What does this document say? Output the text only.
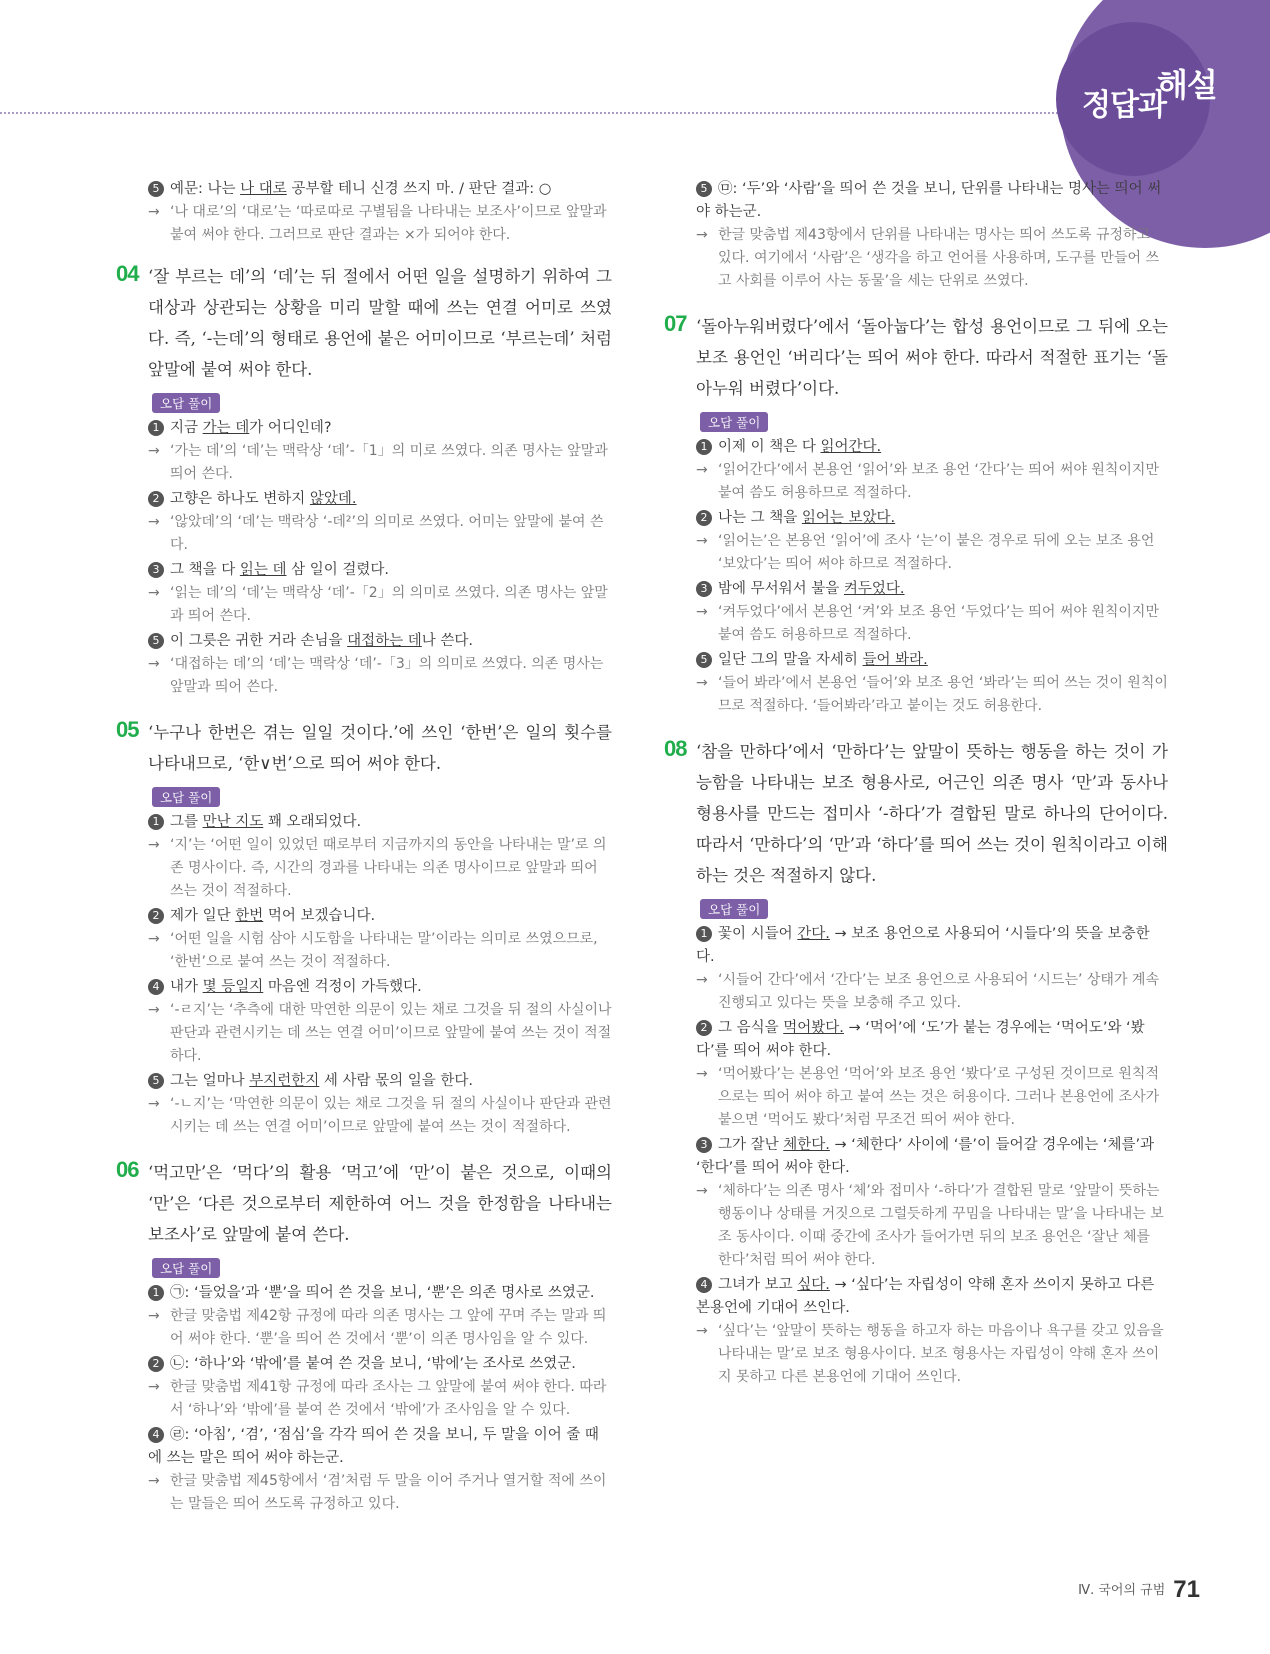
정답과
해설
5 예문: 나는 나 대로 공부할 테니 신경 쓰지 마. / 판단 결과: ○
→ ‘나 대로’의 ‘대로’는 ‘따로따로 구별됨을 나타내는 보조사’이므로 앞말과 붙여 써야 한다. 그러므로 판단 결과는 ×가 되어야 한다.
04 ‘잘 부르는 데’의 ‘데’는 뒤 절에서 어떤 일을 설명하기 위하여 그 대상과 상관되는 상황을 미리 말할 때에 쓰는 연결 어미로 쓰였다. 즉, ‘-는데’의 형태로 용언에 붙은 어미이므로 ‘부르는데’ 처럼 앞말에 붙여 써야 한다.
오답 풀이
1 지금 가는 데가 어디인데?
→ ‘가는 데’의 ‘데’는 맥락상 ‘데’-「1」의 미로 쓰였다. 의존 명사는 앞말과 띄어 쓴다.
2 고향은 하나도 변하지 않았데.
→ ‘않았데’의 ‘데’는 맥락상 ‘-데²’의 의미로 쓰였다. 어미는 앞말에 붙여 쓴다.
3 그 책을 다 읽는 데 삼 일이 걸렸다.
→ ‘읽는 데’의 ‘데’는 맥락상 ‘데’-「2」의 의미로 쓰였다. 의존 명사는 앞말과 띄어 쓴다.
5 이 그릇은 귀한 거라 손님을 대접하는 데나 쓴다.
→ ‘대접하는 데’의 ‘데’는 맥락상 ‘데’-「3」의 의미로 쓰였다. 의존 명사는 앞말과 띄어 쓴다.
05 ‘누구나 한번은 겪는 일일 것이다.’에 쓰인 ‘한번’은 일의 횟수를 나타내므로, ‘한∨번’으로 띄어 써야 한다.
오답 풀이
1 그를 만난 지도 꽤 오래되었다.
→ ‘지’는 ‘어떤 일이 있었던 때로부터 지금까지의 동안을 나타내는 말’로 의존 명사이다. 즉, 시간의 경과를 나타내는 의존 명사이므로 앞말과 띄어 쓰는 것이 적절하다.
2 제가 일단 한번 먹어 보겠습니다.
→ ‘어떤 일을 시험 삼아 시도함을 나타내는 말’이라는 의미로 쓰였으므로, ‘한번’으로 붙여 쓰는 것이 적절하다.
4 내가 몇 등일지 마음엔 걱정이 가득했다.
→ ‘-ㄹ지’는 ‘추측에 대한 막연한 의문이 있는 채로 그것을 뒤 절의 사실이나 판단과 관련시키는 데 쓰는 연결 어미’이므로 앞말에 붙여 쓰는 것이 적절하다.
5 그는 얼마나 부지런한지 세 사람 몫의 일을 한다.
→ ‘-ㄴ지’는 ‘막연한 의문이 있는 채로 그것을 뒤 절의 사실이나 판단과 관련시키는 데 쓰는 연결 어미’이므로 앞말에 붙여 쓰는 것이 적절하다.
06 ‘먹고만’은 ‘먹다’의 활용 ‘먹고’에 ‘만’이 붙은 것으로, 이때의 ‘만’은 ‘다른 것으로부터 제한하여 어느 것을 한정함을 나타내는 보조사’로 앞말에 붙여 쓴다.
오답 풀이
1 ㉠: ‘들었을’과 ‘뿐’을 띄어 쓴 것을 보니, ‘뿐’은 의존 명사로 쓰였군.
→ 한글 맞춤법 제42항 규정에 따라 의존 명사는 그 앞에 꾸며 주는 말과 띄어 써야 한다. ‘뿐’을 띄어 쓴 것에서 ‘뿐’이 의존 명사임을 알 수 있다.
2 ㉡: ‘하나’와 ‘밖에’를 붙여 쓴 것을 보니, ‘밖에’는 조사로 쓰였군.
→ 한글 맞춤법 제41항 규정에 따라 조사는 그 앞말에 붙여 써야 한다. 따라서 ‘하나’와 ‘밖에’를 붙여 쓴 것에서 ‘밖에’가 조사임을 알 수 있다.
4 ㉣: ‘아침’, ‘겸’, ‘점심’을 각각 띄어 쓴 것을 보니, 두 말을 이어 줄 때에 쓰는 말은 띄어 써야 하는군.
→ 한글 맞춤법 제45항에서 ‘겸’처럼 두 말을 이어 주거나 열거할 적에 쓰이는 말들은 띄어 쓰도록 규정하고 있다.
5 ㉤: ‘두’와 ‘사람’을 띄어 쓴 것을 보니, 단위를 나타내는 명사는 띄어 써야 하는군.
→ 한글 맞춤법 제43항에서 단위를 나타내는 명사는 띄어 쓰도록 규정하고 있다. 여기에서 ‘사람’은 ‘생각을 하고 언어를 사용하며, 도구를 만들어 쓰고 사회를 이루어 사는 동물’을 세는 단위로 쓰였다.
07 ‘돌아누워버렸다’에서 ‘돌아눕다’는 합성 용언이므로 그 뒤에 오는 보조 용언인 ‘버리다’는 띄어 써야 한다. 따라서 적절한 표기는 ‘돌아누워 버렸다’이다.
오답 풀이
1 이제 이 책은 다 읽어간다.
→ ‘읽어간다’에서 본용언 ‘읽어’와 보조 용언 ‘간다’는 띄어 써야 원칙이지만 붙여 씀도 허용하므로 적절하다.
2 나는 그 책을 읽어는 보았다.
→ ‘읽어는’은 본용언 ‘읽어’에 조사 ‘는’이 붙은 경우로 뒤에 오는 보조 용언 ‘보았다’는 띄어 써야 하므로 적절하다.
3 밤에 무서워서 불을 켜두었다.
→ ‘켜두었다’에서 본용언 ‘켜’와 보조 용언 ‘두었다’는 띄어 써야 원칙이지만 붙여 씀도 허용하므로 적절하다.
5 일단 그의 말을 자세히 들어 봐라.
→ ‘들어 봐라’에서 본용언 ‘들어’와 보조 용언 ‘봐라’는 띄어 쓰는 것이 원칙이므로 적절하다. ‘들어봐라’라고 붙이는 것도 허용한다.
08 ‘참을 만하다’에서 ‘만하다’는 앞말이 뜻하는 행동을 하는 것이 가능함을 나타내는 보조 형용사로, 어근인 의존 명사 ‘만’과 동사나 형용사를 만드는 접미사 ‘-하다’가 결합된 말로 하나의 단어이다. 따라서 ‘만하다’의 ‘만’과 ‘하다’를 띄어 쓰는 것이 원칙이라고 이해하는 것은 적절하지 않다.
오답 풀이
1 꽃이 시들어 간다. → 보조 용언으로 사용되어 ‘시들다’의 뜻을 보충한다.
→ ‘시들어 간다’에서 ‘간다’는 보조 용언으로 사용되어 ‘시드는’ 상태가 계속 진행되고 있다는 뜻을 보충해 주고 있다.
2 그 음식을 먹어봤다. → ‘먹어’에 ‘도’가 붙는 경우에는 ‘먹어도’와 ‘봤다’를 띄어 써야 한다.
→ ‘먹어봤다’는 본용언 ‘먹어’와 보조 용언 ‘봤다’로 구성된 것이므로 원칙적으로는 띄어 써야 하고 붙여 쓰는 것은 허용이다. 그러나 본용언에 조사가 붙으면 ‘먹어도 봤다’처럼 무조건 띄어 써야 한다.
3 그가 잘난 체한다. → ‘체한다’ 사이에 ‘를’이 들어갈 경우에는 ‘체를’과 ‘한다’를 띄어 써야 한다.
→ ‘체하다’는 의존 명사 ‘체’와 접미사 ‘-하다’가 결합된 말로 ‘앞말이 뜻하는 행동이나 상태를 거짓으로 그럴듯하게 꾸밈을 나타내는 말’을 나타내는 보조 동사이다. 이때 중간에 조사가 들어가면 뒤의 보조 용언은 ‘잘난 체를 한다’처럼 띄어 써야 한다.
4 그녀가 보고 싶다. → ‘싶다’는 자립성이 약해 혼자 쓰이지 못하고 다른 본용언에 기대어 쓰인다.
→ ‘싶다’는 ‘앞말이 뜻하는 행동을 하고자 하는 마음이나 욕구를 갖고 있음을 나타내는 말’로 보조 형용사이다. 보조 형용사는 자립성이 약해 혼자 쓰이지 못하고 다른 본용언에 기대어 쓰인다.
Ⅳ. 국어의 규범 71
